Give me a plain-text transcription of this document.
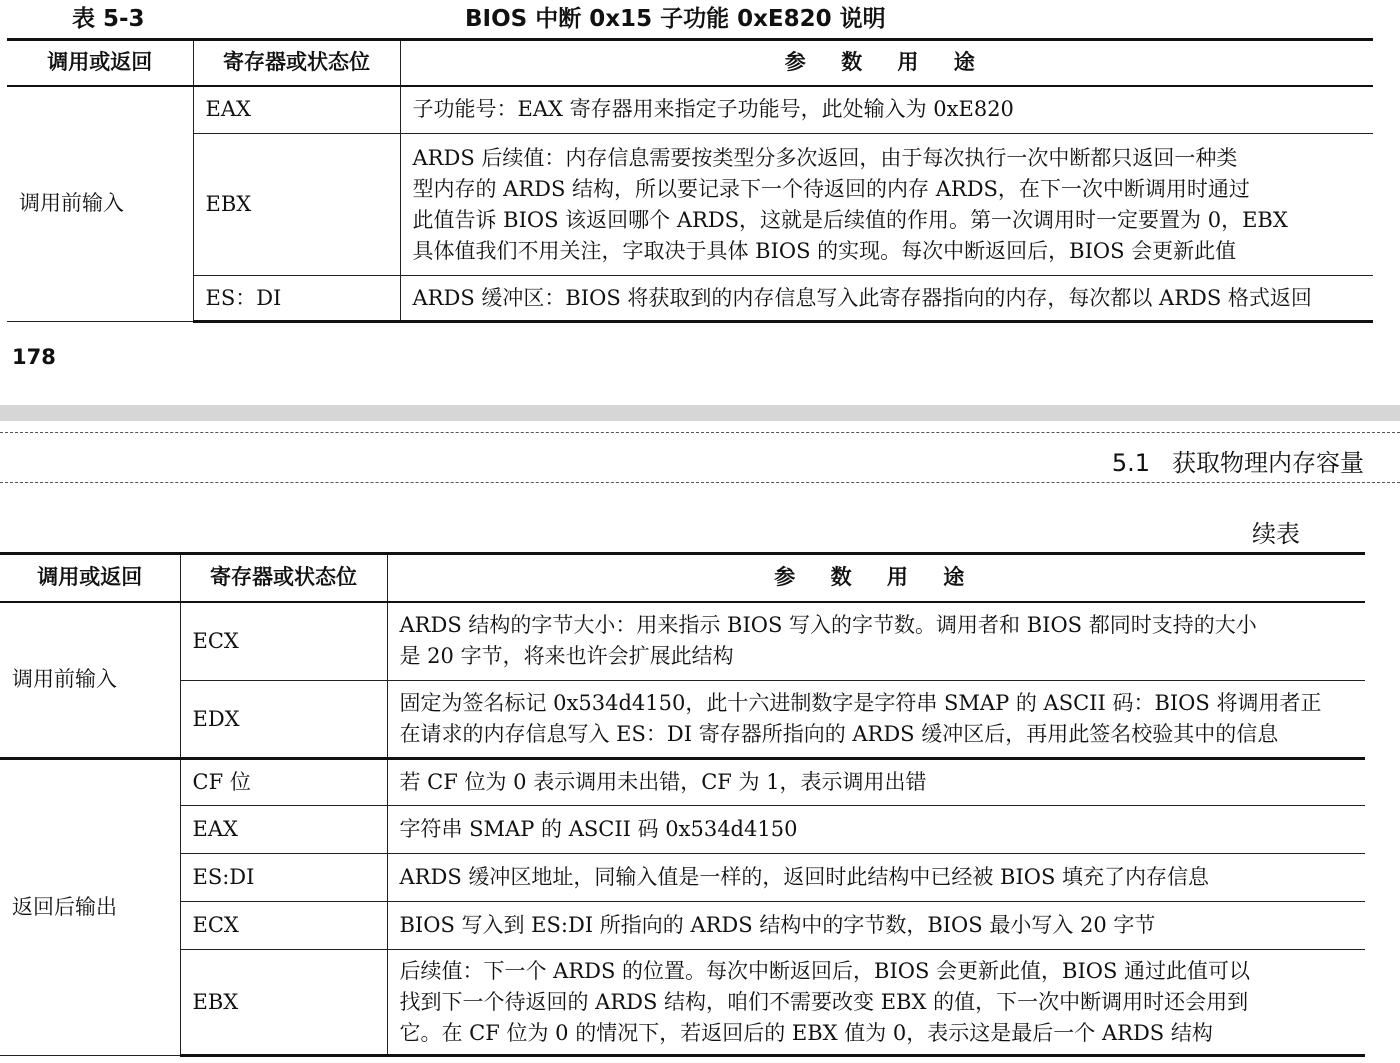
表 5-3	BIOS 中断 0x15 子功能 0xE820 说明
调用或返回	寄存器或状态位	参 数 用 途
调用前输入	EAX	子功能号：EAX 寄存器用来指定子功能号，此处输入为 0xE820

	EBX	ARDS 后续值：内存信息需要按类型分多次返回，由于每次执行一次中断都只返回一种类
型内存的 ARDS 结构，所以要记录下一个待返回的内存 ARDS，在下一次中断调用时通过
此值告诉 BIOS 该返回哪个 ARDS，这就是后续值的作用。第一次调用时一定要置为 0，EBX
具体值我们不用关注，字取决于具体 BIOS 的实现。每次中断返回后，BIOS 会更新此值

	ES：DI	ARDS 缓冲区：BIOS 将获取到的内存信息写入此寄存器指向的内存，每次都以 ARDS 格式返回
178
5.1 获取物理内存容量
续表
调用或返回	寄存器或状态位	参 数 用 途
调用前输入	ECX	ARDS 结构的字节大小：用来指示 BIOS 写入的字节数。调用者和 BIOS 都同时支持的大小
是 20 字节，将来也许会扩展此结构

	EDX	固定为签名标记 0x534d4150，此十六进制数字是字符串 SMAP 的 ASCII 码：BIOS 将调用者正
在请求的内存信息写入 ES：DI 寄存器所指向的 ARDS 缓冲区后，再用此签名校验其中的信息

返回后输出	CF 位	若 CF 位为 0 表示调用未出错，CF 为 1，表示调用出错

	EAX	字符串 SMAP 的 ASCII 码 0x534d4150

	ES:DI	ARDS 缓冲区地址，同输入值是一样的，返回时此结构中已经被 BIOS 填充了内存信息

	ECX	BIOS 写入到 ES:DI 所指向的 ARDS 结构中的字节数，BIOS 最小写入 20 字节

	EBX	后续值：下一个 ARDS 的位置。每次中断返回后，BIOS 会更新此值，BIOS 通过此值可以
找到下一个待返回的 ARDS 结构，咱们不需要改变 EBX 的值，下一次中断调用时还会用到
它。在 CF 位为 0 的情况下，若返回后的 EBX 值为 0，表示这是最后一个 ARDS 结构
